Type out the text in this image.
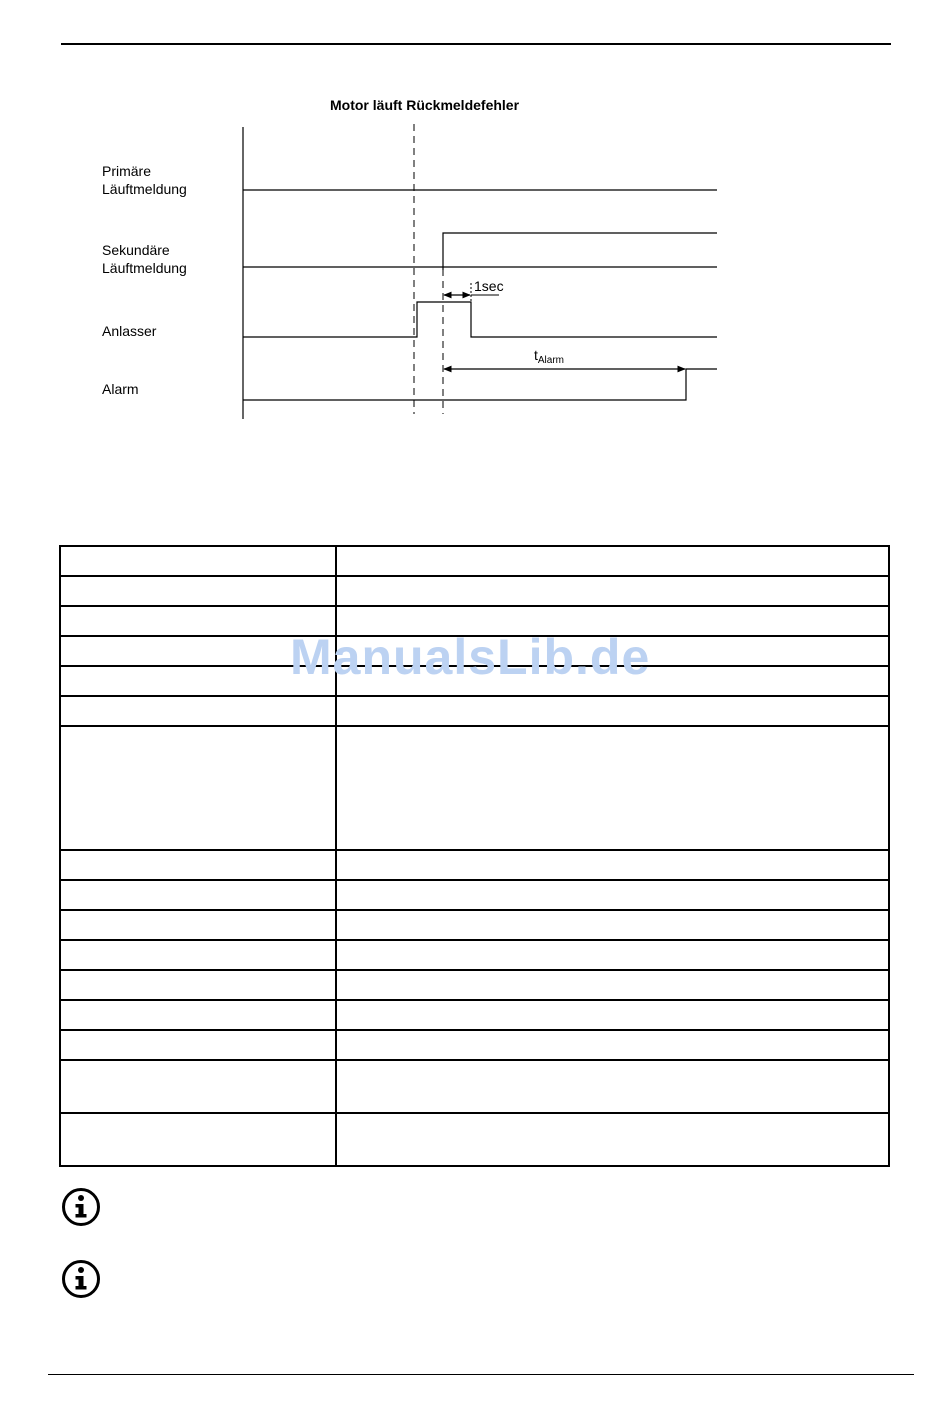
Motor läuft Rückmeldefehler
Primäre
Läuftmeldung
Sekundäre
Läuftmeldung
Anlasser
Alarm
1sec
$t_{Alarm}$

ManualsLib.de
